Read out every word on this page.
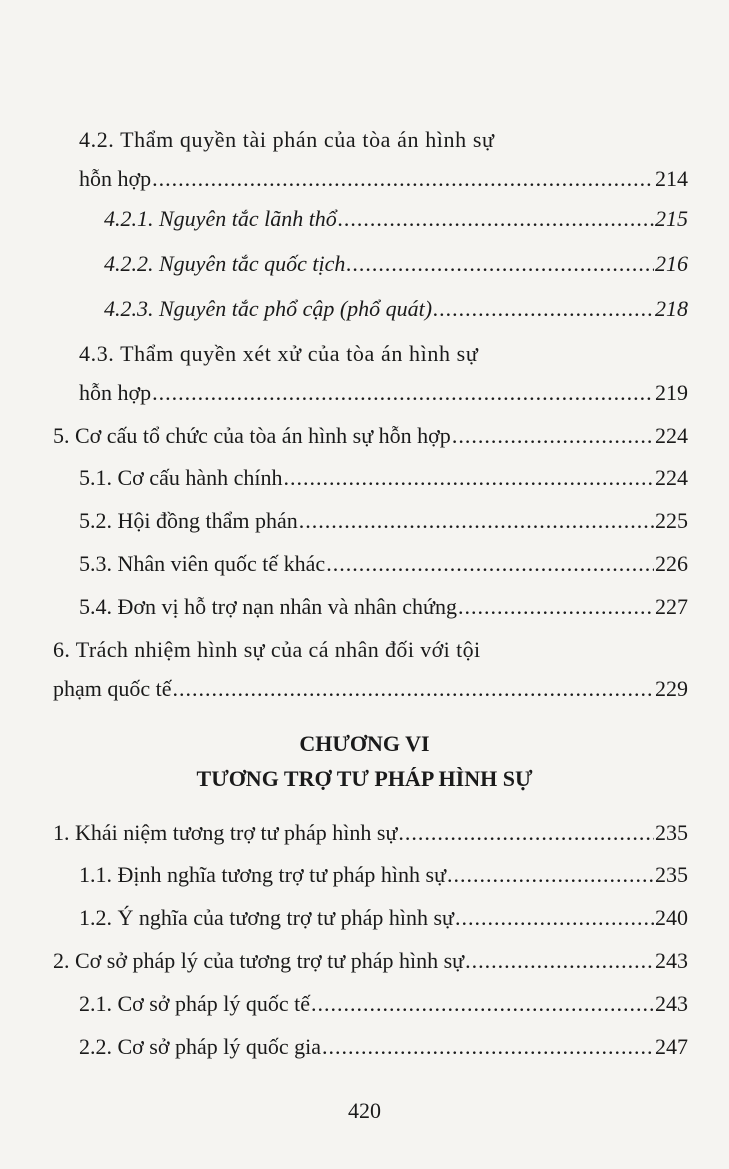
4.2. Thẩm quyền tài phán của tòa án hình sự
hỗn hợp .....	214
4.2.1. Nguyên tắc lãnh thổ .....	215
4.2.2. Nguyên tắc quốc tịch .....	216
4.2.3. Nguyên tắc phổ cập (phổ quát) .....	218
4.3. Thẩm quyền xét xử của tòa án hình sự
hỗn hợp .....	219
5. Cơ cấu tổ chức của tòa án hình sự hỗn hợp .....	224
5.1. Cơ cấu hành chính .....	224
5.2. Hội đồng thẩm phán .....	225
5.3. Nhân viên quốc tế khác .....	226
5.4. Đơn vị hỗ trợ nạn nhân và nhân chứng .....	227
6. Trách nhiệm hình sự của cá nhân đối với tội
phạm quốc tế .....	229
CHƯƠNG VI
TƯƠNG TRỢ TƯ PHÁP HÌNH SỰ
1. Khái niệm tương trợ tư pháp hình sự .....	235
1.1. Định nghĩa tương trợ tư pháp hình sự .....	235
1.2. Ý nghĩa của tương trợ tư pháp hình sự .....	240
2. Cơ sở pháp lý của tương trợ tư pháp hình sự .....	243
2.1. Cơ sở pháp lý quốc tế .....	243
2.2. Cơ sở pháp lý quốc gia .....	247
420
